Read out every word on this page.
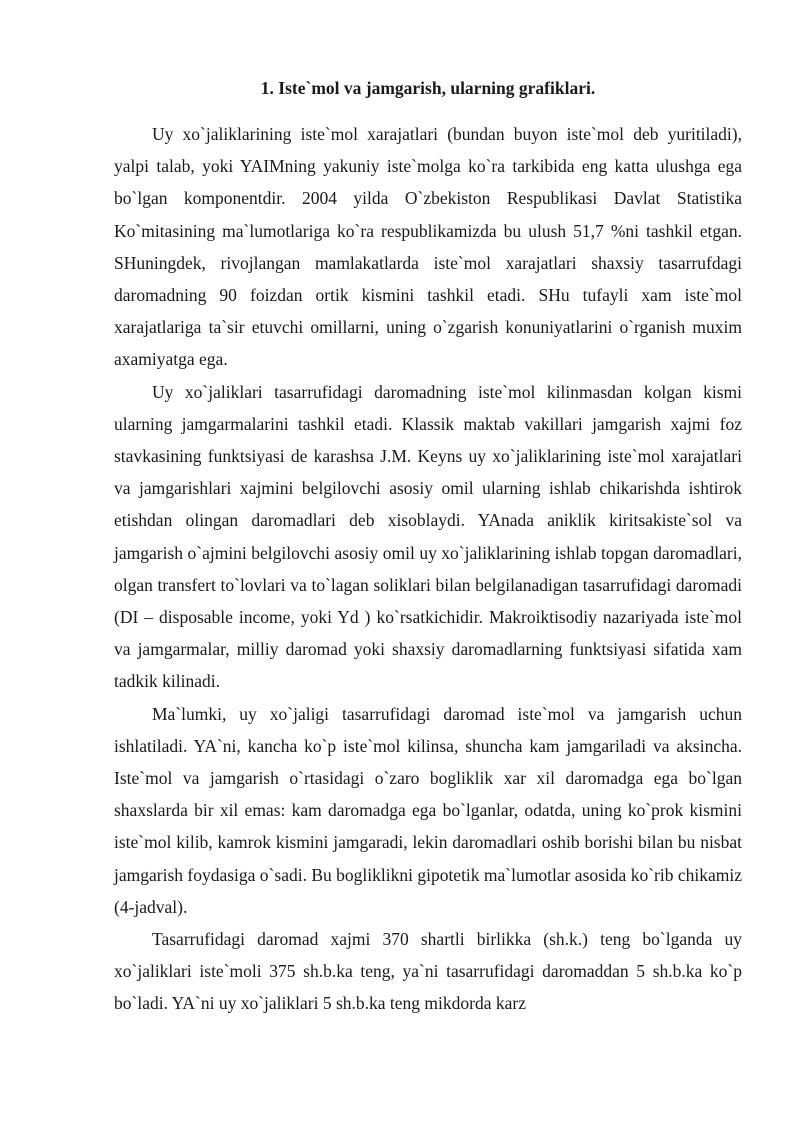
1. Iste`mol va jamgarish, ularning grafiklari.

Uy xo`jaliklarining iste`mol xarajatlari (bundan buyon iste`mol deb yuritiladi), yalpi talab, yoki YAIMning yakuniy iste`molga ko`ra tarkibida eng katta ulushga ega bo`lgan komponentdir. 2004 yilda O`zbekiston Respublikasi Davlat Statistika Ko`mitasining ma`lumotlariga ko`ra respublikamizda bu ulush 51,7 %ni tashkil etgan. SHuningdek, rivojlangan mamlakatlarda iste`mol xarajatlari shaxsiy tasarrufdagi daromadning 90 foizdan ortik kismini tashkil etadi. SHu tufayli xam iste`mol xarajatlariga ta`sir etuvchi omillarni, uning o`zgarish konuniyatlarini o`rganish muxim axamiyatga ega.

Uy xo`jaliklari tasarrufidagi daromadning iste`mol kilinmasdan kolgan kismi ularning jamgarmalarini tashkil etadi. Klassik maktab vakillari jamgarish xajmi foz stavkasining funktsiyasi de karashsa J.M. Keyns uy xo`jaliklarining iste`mol xarajatlari va jamgarishlari xajmini belgilovchi asosiy omil ularning ishlab chikarishda ishtirok etishdan olingan daromadlari deb xisoblaydi. YAnada aniklik kiritsakiste`sol va jamgarish o`ajmini belgilovchi asosiy omil uy xo`jaliklarining ishlab topgan daromadlari, olgan transfert to`lovlari va to`lagan soliklari bilan belgilanadigan tasarrufidagi daromadi (DI – disposable income, yoki Yd ) ko`rsatkichidir. Makroiktisodiy nazariyada iste`mol va jamgarmalar, milliy daromad yoki shaxsiy daromadlarning funktsiyasi sifatida xam tadkik kilinadi.

Ma`lumki, uy xo`jaligi tasarrufidagi daromad iste`mol va jamgarish uchun ishlatiladi. YA`ni, kancha ko`p iste`mol kilinsa, shuncha kam jamgariladi va aksincha. Iste`mol va jamgarish o`rtasidagi o`zaro bogliklik xar xil daromadga ega bo`lgan shaxslarda bir xil emas: kam daromadga ega bo`lganlar, odatda, uning ko`prok kismini iste`mol kilib, kamrok kismini jamgaradi, lekin daromadlari oshib borishi bilan bu nisbat jamgarish foydasiga o`sadi. Bu bogliklikni gipotetik ma`lumotlar asosida ko`rib chikamiz (4-jadval).

Tasarrufidagi daromad xajmi 370 shartli birlikka (sh.k.) teng bo`lganda uy xo`jaliklari iste`moli 375 sh.b.ka teng, ya`ni tasarrufidagi daromaddan 5 sh.b.ka ko`p bo`ladi. YA`ni uy xo`jaliklari 5 sh.b.ka teng mikdorda karz
